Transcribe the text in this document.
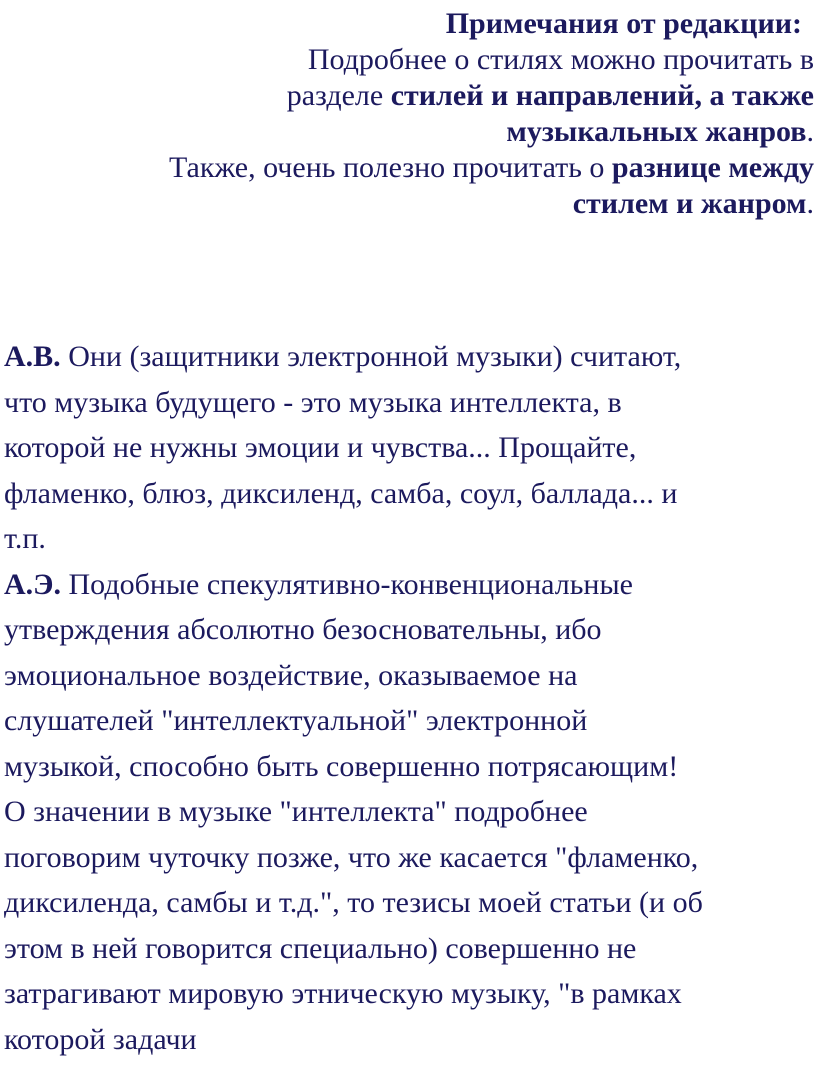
Примечания от редакции:
Подробнее о стилях можно прочитать в
разделе стилей и направлений, а также
музыкальных жанров.
Также, очень полезно прочитать о разнице между
стилем и жанром.
А.В. Они (защитники электронной музыки) считают,
что музыка будущего - это музыка интеллекта, в
которой не нужны эмоции и чувства... Прощайте,
фламенко, блюз, диксиленд, самба, соул, баллада... и
т.п.
А.Э. Подобные спекулятивно-конвенциональные
утверждения абсолютно безосновательны, ибо
эмоциональное воздействие, оказываемое на
слушателей "интеллектуальной" электронной
музыкой, способно быть совершенно потрясающим!
О значении в музыке "интеллекта" подробнее
поговорим чуточку позже, что же касается "фламенко,
диксиленда, самбы и т.д.", то тезисы моей статьи (и об
этом в ней говорится специально) совершенно не
затрагивают мировую этническую музыку, "в рамках
которой задачи
